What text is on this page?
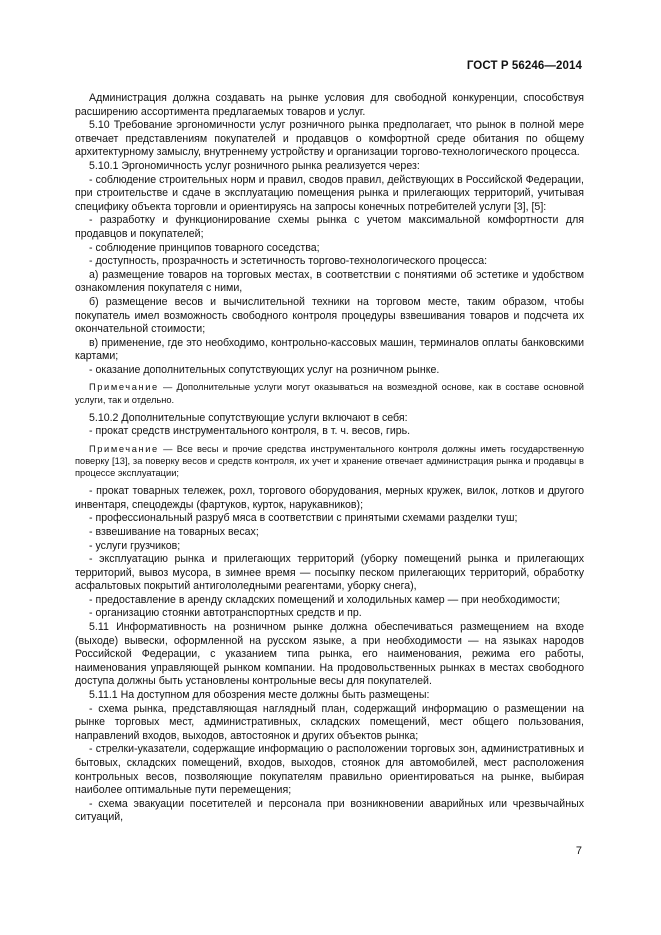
ГОСТ Р 56246—2014

Администрация должна создавать на рынке условия для свободной конкуренции, способствуя расширению ассортимента предлагаемых товаров и услуг.

5.10 Требование эргономичности услуг розничного рынка предполагает, что рынок в полной мере отвечает представлениям покупателей и продавцов о комфортной среде обитания по общему архитектурному замыслу, внутреннему устройству и организации торгово-технологического процесса.

5.10.1 Эргономичность услуг розничного рынка реализуется через:

- соблюдение строительных норм и правил, сводов правил, действующих в Российской Федерации, при строительстве и сдаче в эксплуатацию помещения рынка и прилегающих территорий, учитывая специфику объекта торговли и ориентируясь на запросы конечных потребителей услуги [3], [5]:

- разработку и функционирование схемы рынка с учетом максимальной комфортности для продавцов и покупателей;

- соблюдение принципов товарного соседства;

- доступность, прозрачность и эстетичность торгово-технологического процесса:

а) размещение товаров на торговых местах, в соответствии с понятиями об эстетике и удобством ознакомления покупателя с ними,

б) размещение весов и вычислительной техники на торговом месте, таким образом, чтобы покупатель имел возможность свободного контроля процедуры взвешивания товаров и подсчета их окончательной стоимости;

в) применение, где это необходимо, контрольно-кассовых машин, терминалов оплаты банковскими картами;

- оказание дополнительных сопутствующих услуг на розничном рынке.

Примечание — Дополнительные услуги могут оказываться на возмездной основе, как в составе основной услуги, так и отдельно.

5.10.2 Дополнительные сопутствующие услуги включают в себя:

- прокат средств инструментального контроля, в т. ч. весов, гирь.

Примечание — Все весы и прочие средства инструментального контроля должны иметь государственную поверку [13], за поверку весов и средств контроля, их учет и хранение отвечает администрация рынка и продавцы в процессе эксплуатации;

- прокат товарных тележек, рохл, торгового оборудования, мерных кружек, вилок, лотков и другого инвентаря, спецодежды (фартуков, курток, нарукавников);

- профессиональный разруб мяса в соответствии с принятыми схемами разделки туш;

- взвешивание на товарных весах;

- услуги грузчиков;

- эксплуатацию рынка и прилегающих территорий (уборку помещений рынка и прилегающих территорий, вывоз мусора, в зимнее время — посыпку песком прилегающих территорий, обработку асфальтовых покрытий антигололедными реагентами, уборку снега),

- предоставление в аренду складских помещений и холодильных камер — при необходимости;

- организацию стоянки автотранспортных средств и пр.

5.11 Информативность на розничном рынке должна обеспечиваться размещением на входе (выходе) вывески, оформленной на русском языке, а при необходимости — на языках народов Российской Федерации, с указанием типа рынка, его наименования, режима его работы, наименования управляющей рынком компании. На продовольственных рынках в местах свободного доступа должны быть установлены контрольные весы для покупателей.

5.11.1 На доступном для обозрения месте должны быть размещены:

- схема рынка, представляющая наглядный план, содержащий информацию о размещении на рынке торговых мест, административных, складских помещений, мест общего пользования, направлений входов, выходов, автостоянок и других объектов рынка;

- стрелки-указатели, содержащие информацию о расположении торговых зон, административных и бытовых, складских помещений, входов, выходов, стоянок для автомобилей, мест расположения контрольных весов, позволяющие покупателям правильно ориентироваться на рынке, выбирая наиболее оптимальные пути перемещения;

- схема эвакуации посетителей и персонала при возникновении аварийных или чрезвычайных ситуаций,

7
